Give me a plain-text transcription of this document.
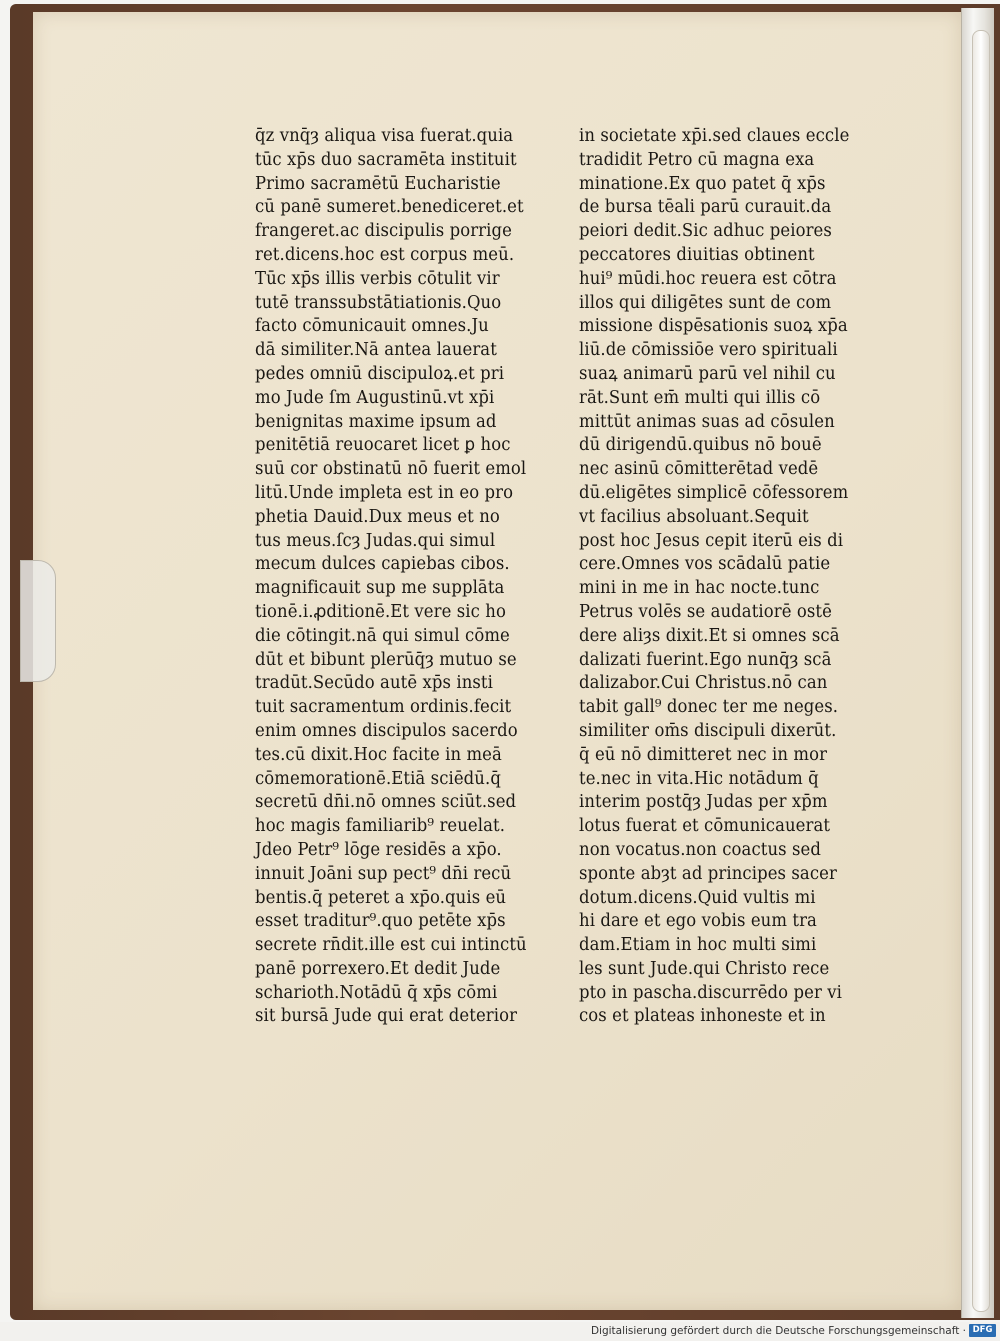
q̄z vnq̄ȝ aliqua visa fuerat.quia
tūc xp̄s duo sacramēta instituit
Primo sacramētū Eucharistie
cū panē sumeret.benediceret.et
frangeret.ac discipulis porrige
ret.dicens.hoc est corpus meū.
Tūc xp̄s illis verbis cōtulit vir
tutē transsubstātiationis.Quo
facto cōmunicauit omnes.Ju
dā similiter.Nā antea lauerat
pedes omniū discipuloꝝ.et pri
mo Jude ſm Augustinū.vt xp̄i
benignitas maxime ipsum ad
penitētiā reuocaret licet ꝑ hoc
suū cor obstinatū nō fuerit emol
litū.Unde impleta est in eo pro
phetia Dauid.Dux meus et no
tus meus.ſcȝ Judas.qui simul
mecum dulces capiebas cibos.
magnificauit sup me supplāta
tionē.i.ꝓditionē.Et vere sic ho
die cōtingit.nā qui simul cōme
dūt et bibunt plerūq̄ȝ mutuo se
tradūt.Secūdo autē xp̄s insti
tuit sacramentum ordinis.fecit
enim omnes discipulos sacerdo
tes.cū dixit.Hoc facite in meā
cōmemorationē.Etiā sciēdū.q̄
secretū dn̄i.nō omnes sciūt.sed
hoc magis familiarib⁹ reuelat.
Jdeo Petr⁹ lōge residēs a xp̄o.
innuit Joāni sup pect⁹ dn̄i recū
bentis.q̄ peteret a xp̄o.quis eū
esset traditur⁹.quo petēte xp̄s
secrete rn̄dit.ille est cui intinctū
panē porrexero.Et dedit Jude
scharioth.Notādū q̄ xp̄s cōmi
sit bursā Jude qui erat deterior
in societate xp̄i.sed claues eccle
tradidit Petro cū magna exa
minatione.Ex quo patet q̄ xp̄s
de bursa tēali parū curauit.da
peiori dedit.Sic adhuc peiores
peccatores diuitias obtinent
hui⁹ mūdi.hoc reuera est cōtra
illos qui diligētes sunt de com
missione dispēsationis suoꝝ xp̄a
liū.de cōmissiōe vero spirituali
suaꝝ animarū parū vel nihil cu
rāt.Sunt em̄ multi qui illis cō
mittūt animas suas ad cōsulen
dū dirigendū.quibus nō bouē
nec asinū cōmitterētad vedē
dū.eligētes simplicē cōfessorem
vt facilius absoluant.Sequit
post hoc Jesus cepit iterū eis di
cere.Omnes vos scādalū patie
mini in me in hac nocte.tunc
Petrus volēs se audatiorē ostē
dere aliȝs dixit.Et si omnes scā
dalizati fuerint.Ego nunq̄ȝ scā
dalizabor.Cui Christus.nō can
tabit gall⁹ donec ter me neges.
similiter om̄s discipuli dixerūt.
q̄ eū nō dimitteret nec in mor
te.nec in vita.Hic notādum q̄
interim postq̄ȝ Judas per xp̄m
lotus fuerat et cōmunicauerat
non vocatus.non coactus sed
sponte abȝt ad principes sacer
dotum.dicens.Quid vultis mi
hi dare et ego vobis eum tra
dam.Etiam in hoc multi simi
les sunt Jude.qui Christo rece
pto in pascha.discurrēdo per vi
cos et plateas inhoneste et in
Digitalisierung gefördert durch die Deutsche Forschungsgemeinschaft · DFG
